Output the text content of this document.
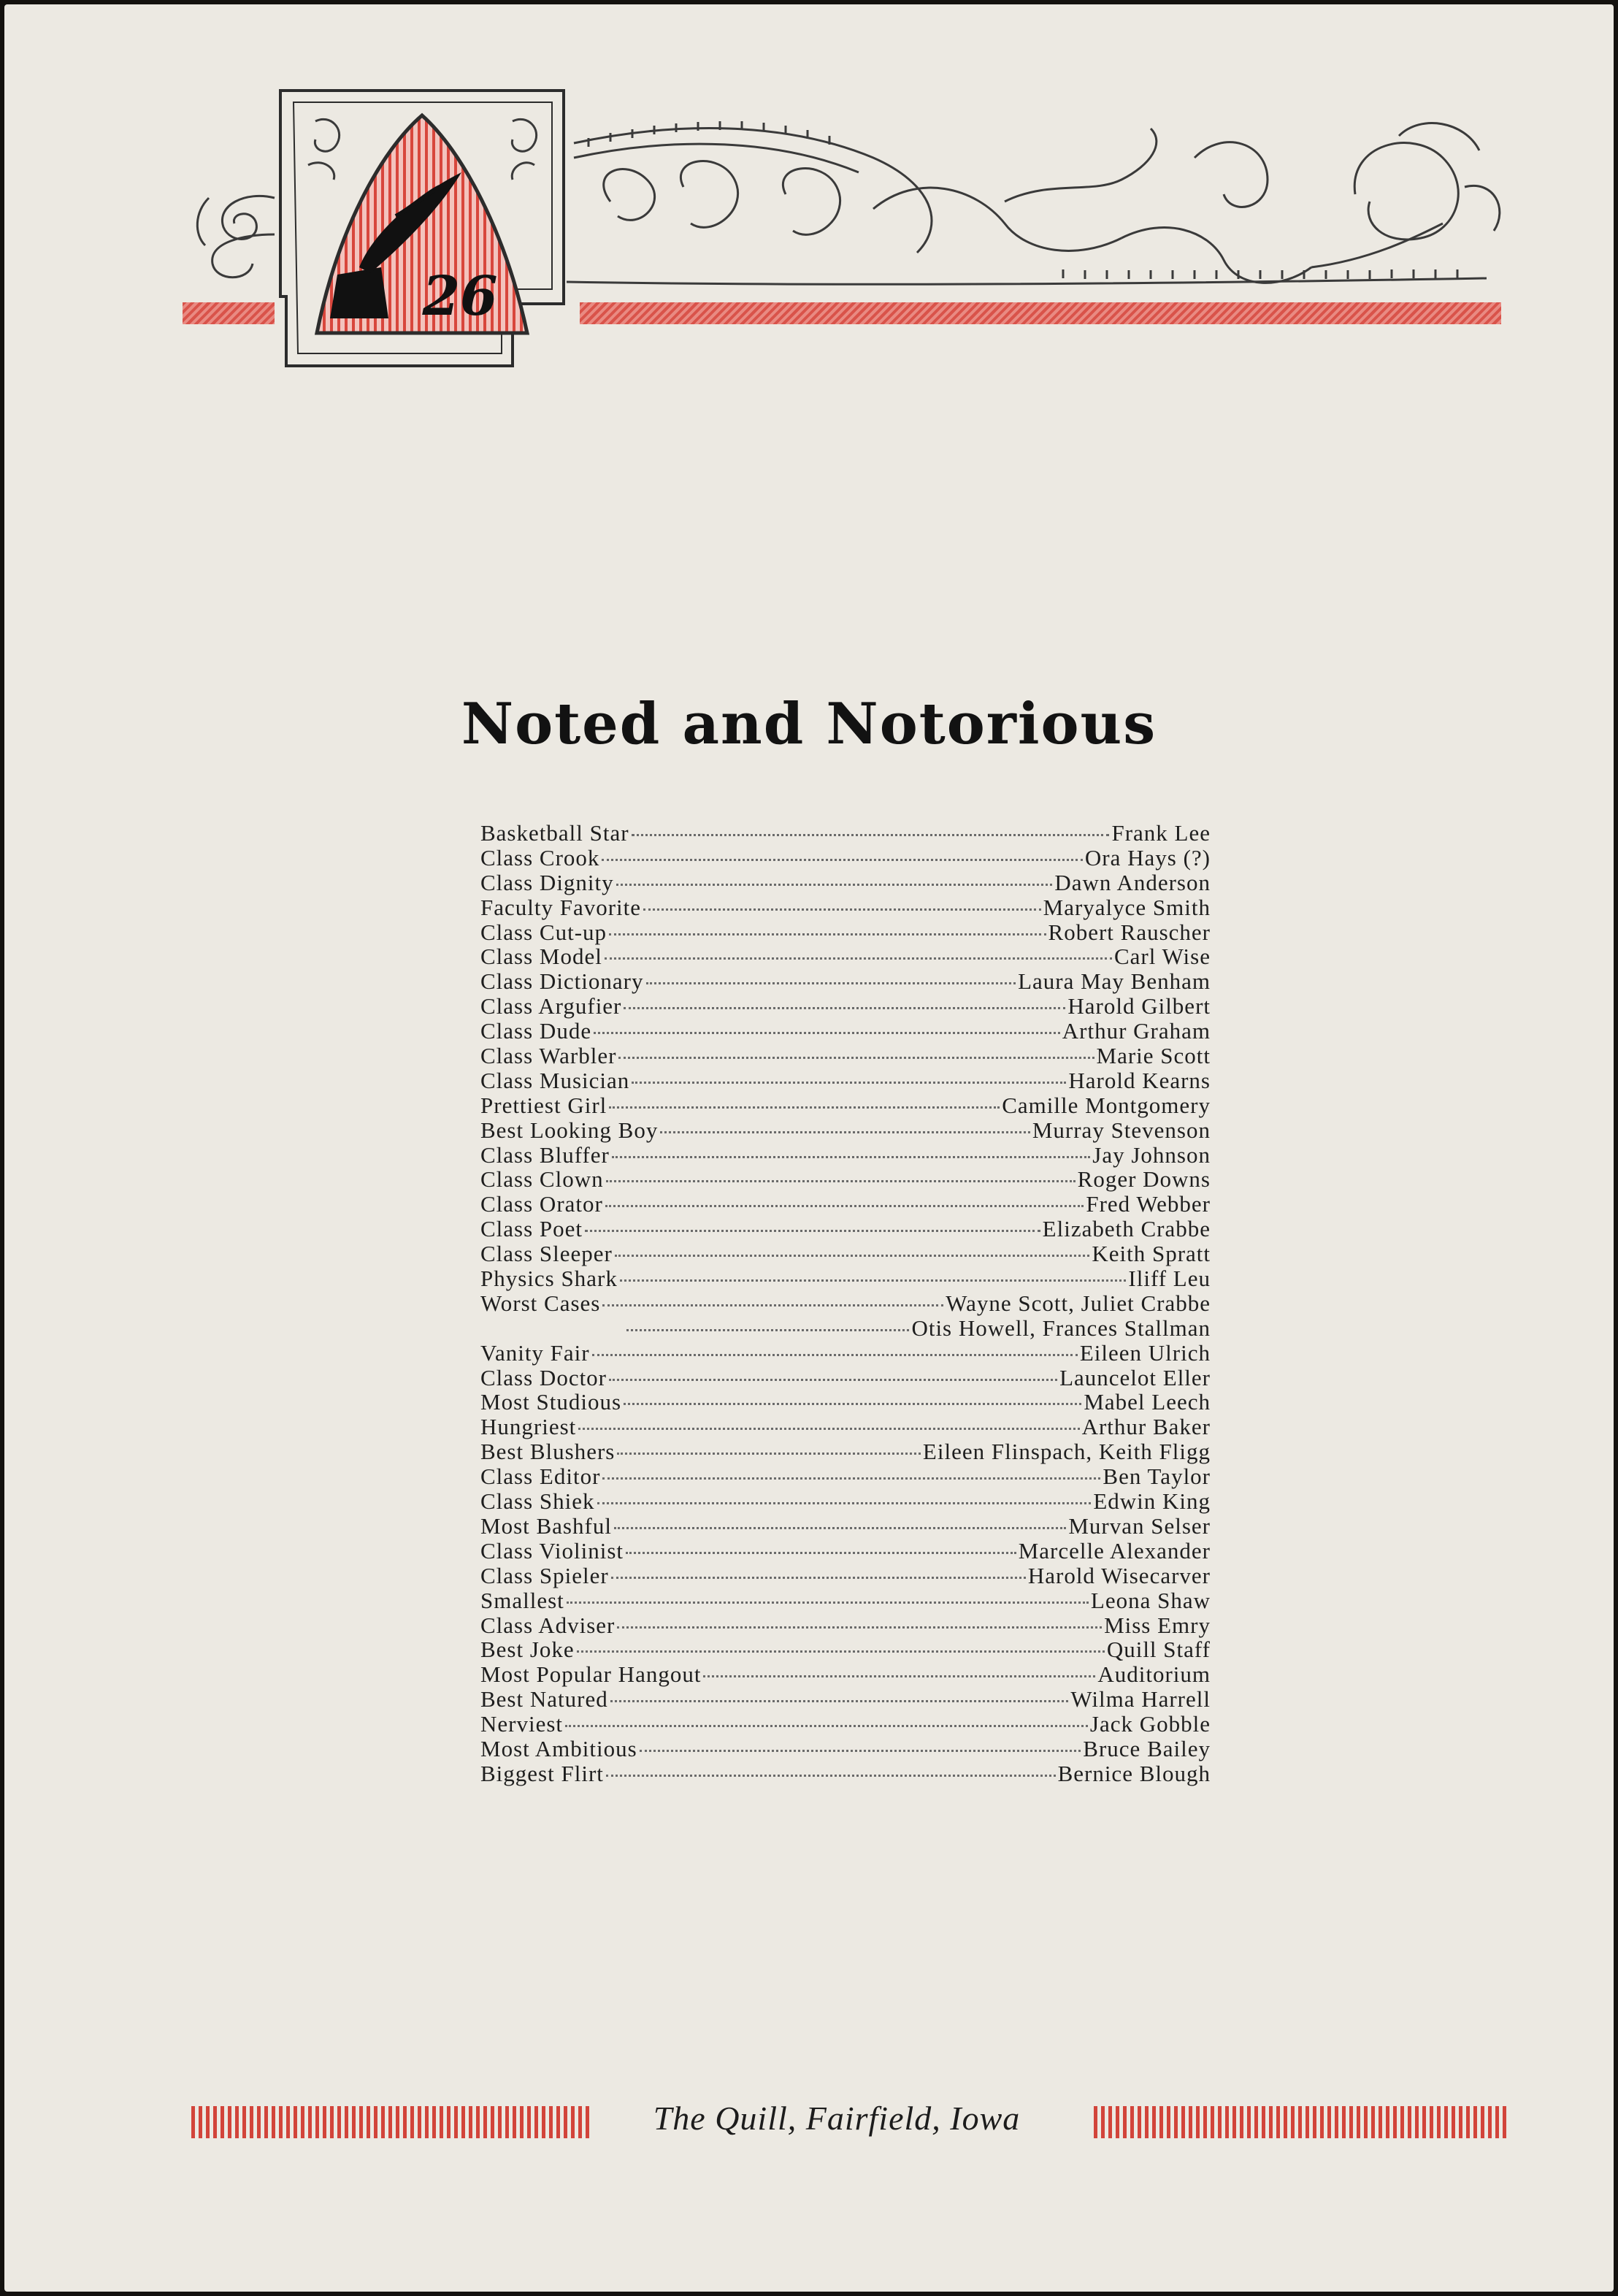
26
Noted and Notorious
Basketball Star	Frank Lee
Class Crook	Ora Hays (?)
Class Dignity	Dawn Anderson
Faculty Favorite	Maryalyce Smith
Class Cut-up	Robert Rauscher
Class Model	Carl Wise
Class Dictionary	Laura May Benham
Class Argufier	Harold Gilbert
Class Dude	Arthur Graham
Class Warbler	Marie Scott
Class Musician	Harold Kearns
Prettiest Girl	Camille Montgomery
Best Looking Boy	Murray Stevenson
Class Bluffer	Jay Johnson
Class Clown	Roger Downs
Class Orator	Fred Webber
Class Poet	Elizabeth Crabbe
Class Sleeper	Keith Spratt
Physics Shark	Iliff Leu
Worst Cases	Wayne Scott, Juliet Crabbe
Otis Howell, Frances Stallman
Vanity Fair	Eileen Ulrich
Class Doctor	Launcelot Eller
Most Studious	Mabel Leech
Hungriest	Arthur Baker
Best Blushers	Eileen Flinspach, Keith Fligg
Class Editor	Ben Taylor
Class Shiek	Edwin King
Most Bashful	Murvan Selser
Class Violinist	Marcelle Alexander
Class Spieler	Harold Wisecarver
Smallest	Leona Shaw
Class Adviser	Miss Emry
Best Joke	Quill Staff
Most Popular Hangout	Auditorium
Best Natured	Wilma Harrell
Nerviest	Jack Gobble
Most Ambitious	Bruce Bailey
Biggest Flirt	Bernice Blough
The Quill, Fairfield, Iowa
